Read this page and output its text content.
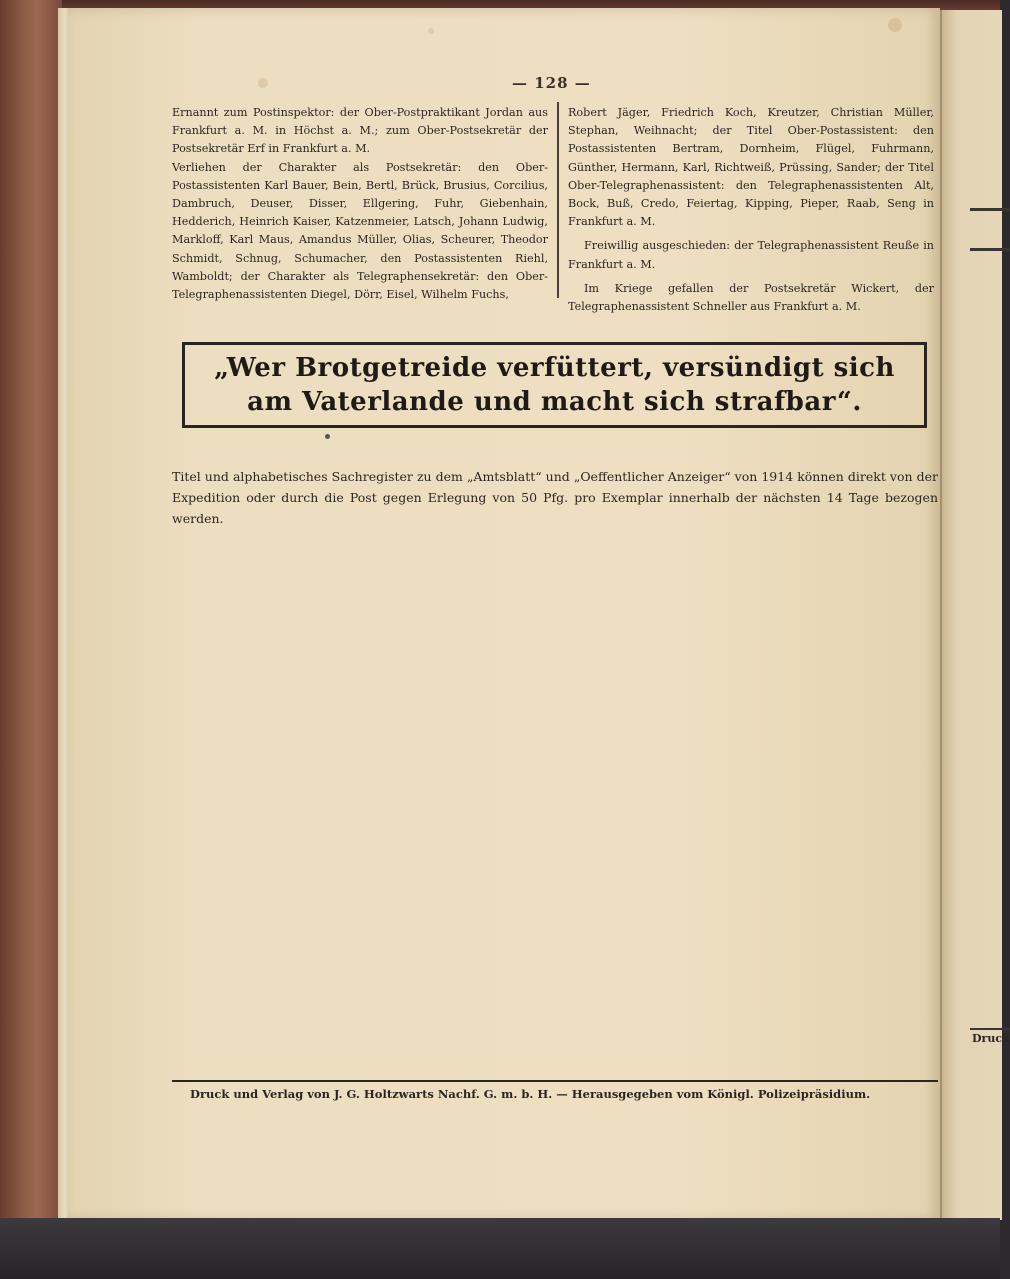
— 128 —

Ernannt zum Postinspektor: der Ober-Postpraktikant Jordan aus Frankfurt a. M. in Höchst a. M.; zum Ober-Postsekretär der Postsekretär Erf in Frankfurt a. M.

Verliehen der Charakter als Postsekretär: den Ober-Postassistenten Karl Bauer, Bein, Bertl, Brück, Brusius, Corcilius, Dambruch, Deuser, Disser, Ellgering, Fuhr, Giebenhain, Hedderich, Heinrich Kaiser, Katzenmeier, Latsch, Johann Ludwig, Markloff, Karl Maus, Amandus Müller, Olias, Scheurer, Theodor Schmidt, Schnug, Schumacher, den Postassistenten Riehl, Wamboldt; der Charakter als Telegraphensekretär: den Ober-Telegraphenassistenten Diegel, Dörr, Eisel, Wilhelm Fuchs,

Robert Jäger, Friedrich Koch, Kreutzer, Christian Müller, Stephan, Weihnacht; der Titel Ober-Postassistent: den Postassistenten Bertram, Dornheim, Flügel, Fuhrmann, Günther, Hermann, Karl, Richtweiß, Prüssing, Sander; der Titel Ober-Telegraphenassistent: den Telegraphenassistenten Alt, Bock, Buß, Credo, Feiertag, Kipping, Pieper, Raab, Seng in Frankfurt a. M.

Freiwillig ausgeschieden: der Telegraphenassistent Reuße in Frankfurt a. M.

Im Kriege gefallen der Postsekretär Wickert, der Telegraphenassistent Schneller aus Frankfurt a. M.

„Wer Brotgetreide verfüttert, versündigt sich
am Vaterlande und macht sich strafbar“.
Titel und alphabetisches Sachregister zu dem „Amtsblatt“ und „Oeffentlicher Anzeiger“ von 1914 können direkt von der Expedition oder durch die Post gegen Erlegung von 50 Pfg. pro Exemplar innerhalb der nächsten 14 Tage bezogen werden.
Druck und Verlag von J. G. Holtzwarts Nachf. G. m. b. H. — Herausgegeben vom Königl. Polizeipräsidium.
Druck
